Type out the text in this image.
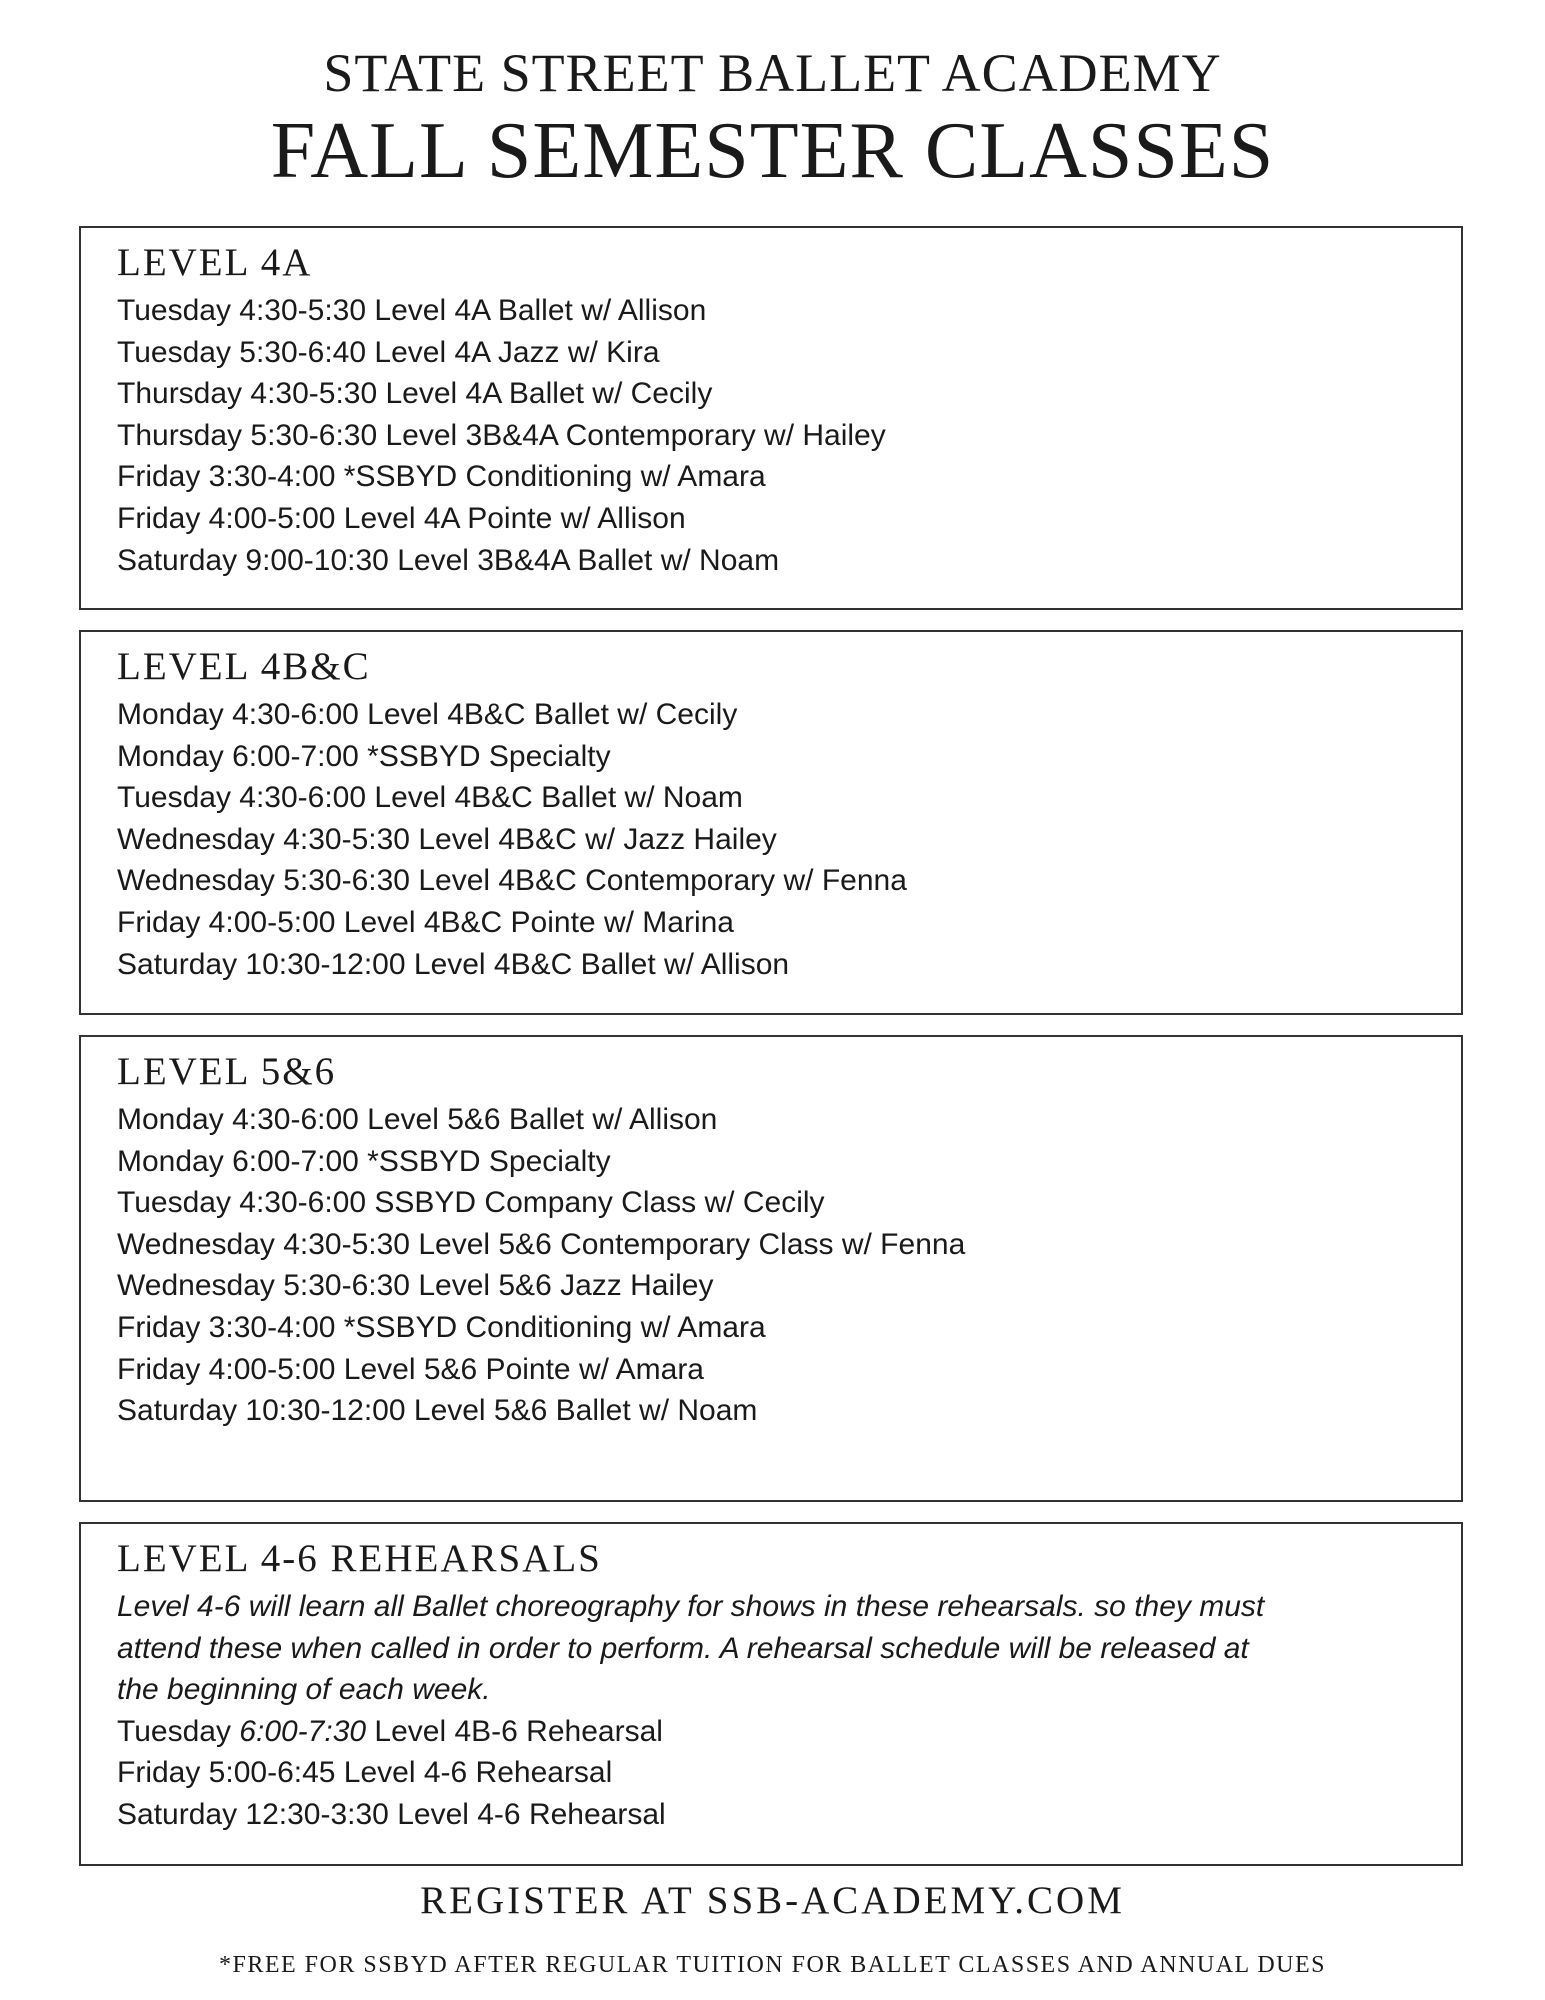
STATE STREET BALLET ACADEMY
FALL SEMESTER CLASSES
LEVEL 4A
Tuesday 4:30-5:30 Level 4A Ballet w/ Allison
Tuesday 5:30-6:40 Level 4A Jazz w/ Kira
Thursday 4:30-5:30 Level 4A Ballet w/ Cecily
Thursday 5:30-6:30 Level 3B&4A Contemporary w/ Hailey
Friday 3:30-4:00 *SSBYD Conditioning w/ Amara
Friday 4:00-5:00 Level 4A Pointe w/ Allison
Saturday 9:00-10:30 Level 3B&4A Ballet w/ Noam
LEVEL 4B&C
Monday 4:30-6:00 Level 4B&C Ballet w/ Cecily
Monday 6:00-7:00 *SSBYD Specialty
Tuesday 4:30-6:00 Level 4B&C Ballet w/ Noam
Wednesday 4:30-5:30 Level 4B&C w/ Jazz Hailey
Wednesday 5:30-6:30 Level 4B&C Contemporary w/ Fenna
Friday 4:00-5:00 Level 4B&C Pointe w/ Marina
Saturday 10:30-12:00 Level 4B&C Ballet w/ Allison
LEVEL 5&6
Monday 4:30-6:00 Level 5&6 Ballet w/ Allison
Monday 6:00-7:00 *SSBYD Specialty
Tuesday 4:30-6:00 SSBYD Company Class w/ Cecily
Wednesday 4:30-5:30 Level 5&6 Contemporary Class w/ Fenna
Wednesday 5:30-6:30 Level 5&6 Jazz Hailey
Friday 3:30-4:00 *SSBYD Conditioning w/ Amara
Friday 4:00-5:00 Level 5&6 Pointe w/ Amara
Saturday 10:30-12:00 Level 5&6 Ballet w/ Noam
LEVEL 4-6 REHEARSALS

Level 4-6 will learn all Ballet choreography for shows in these rehearsals. so they must

attend these when called in order to perform. A rehearsal schedule will be released at

the beginning of each week.

Tuesday 6:00-7:30 Level 4B-6 Rehearsal
Friday 5:00-6:45 Level 4-6 Rehearsal
Saturday 12:30-3:30 Level 4-6 Rehearsal
REGISTER AT SSB-ACADEMY.COM
*FREE FOR SSBYD AFTER REGULAR TUITION FOR BALLET CLASSES AND ANNUAL DUES
